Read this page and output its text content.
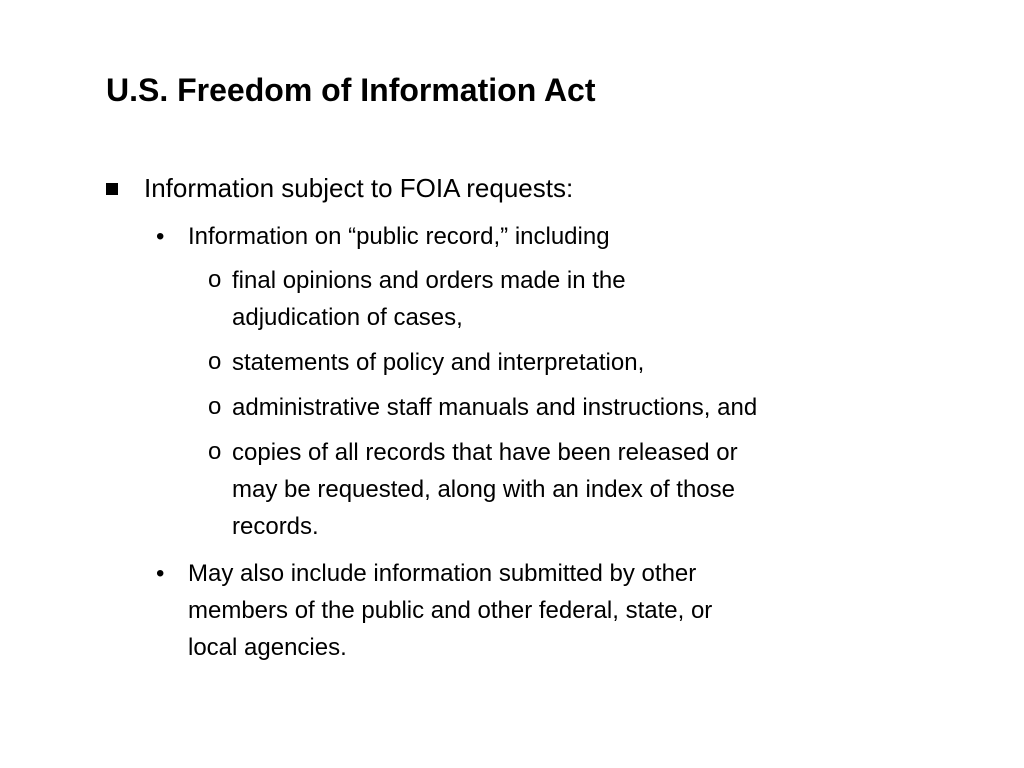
U.S. Freedom of Information Act
Information subject to FOIA requests:
• Information on “public record,” including
o final opinions and orders made in the
adjudication of cases,
o statements of policy and interpretation,
o administrative staff manuals and instructions, and
o copies of all records that have been released or
may be requested, along with an index of those
records.
• May also include information submitted by other
members of the public and other federal, state, or
local agencies.
